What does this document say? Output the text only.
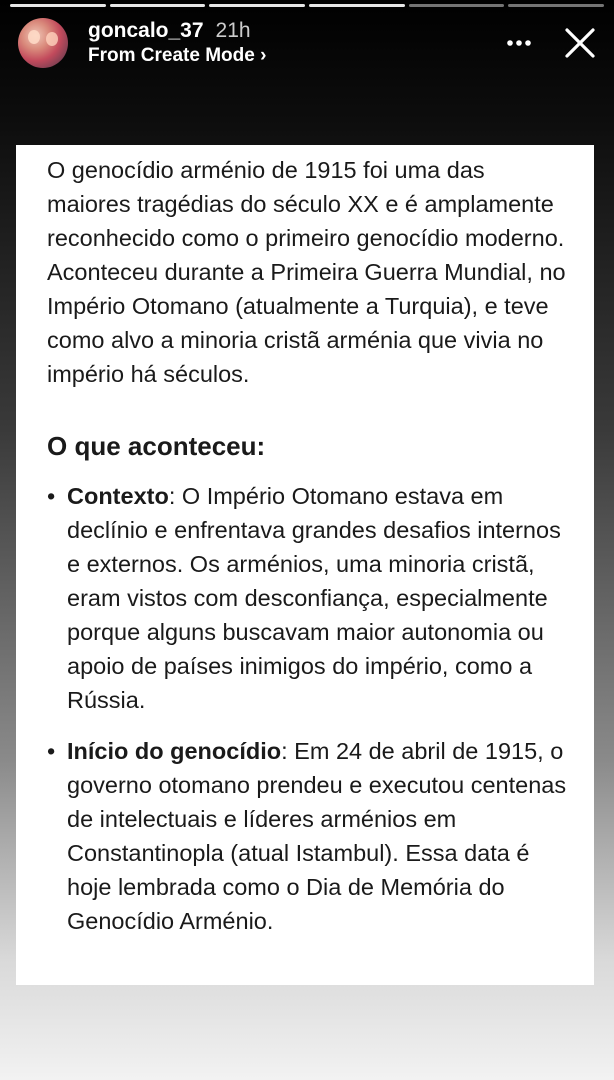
goncalo_37 21h
From Create Mode ›

O genocídio arménio de 1915 foi uma das maiores tragédias do século XX e é amplamente reconhecido como o primeiro genocídio moderno. Aconteceu durante a Primeira Guerra Mundial, no Império Otomano (atualmente a Turquia), e teve como alvo a minoria cristã arménia que vivia no império há séculos.

O que aconteceu:
• Contexto: O Império Otomano estava em declínio e enfrentava grandes desafios internos e externos. Os arménios, uma minoria cristã, eram vistos com desconfiança, especialmente porque alguns buscavam maior autonomia ou apoio de países inimigos do império, como a Rússia.
• Início do genocídio: Em 24 de abril de 1915, o governo otomano prendeu e executou centenas de intelectuais e líderes arménios em Constantinopla (atual Istambul). Essa data é hoje lembrada como o Dia de Memória do Genocídio Arménio.
